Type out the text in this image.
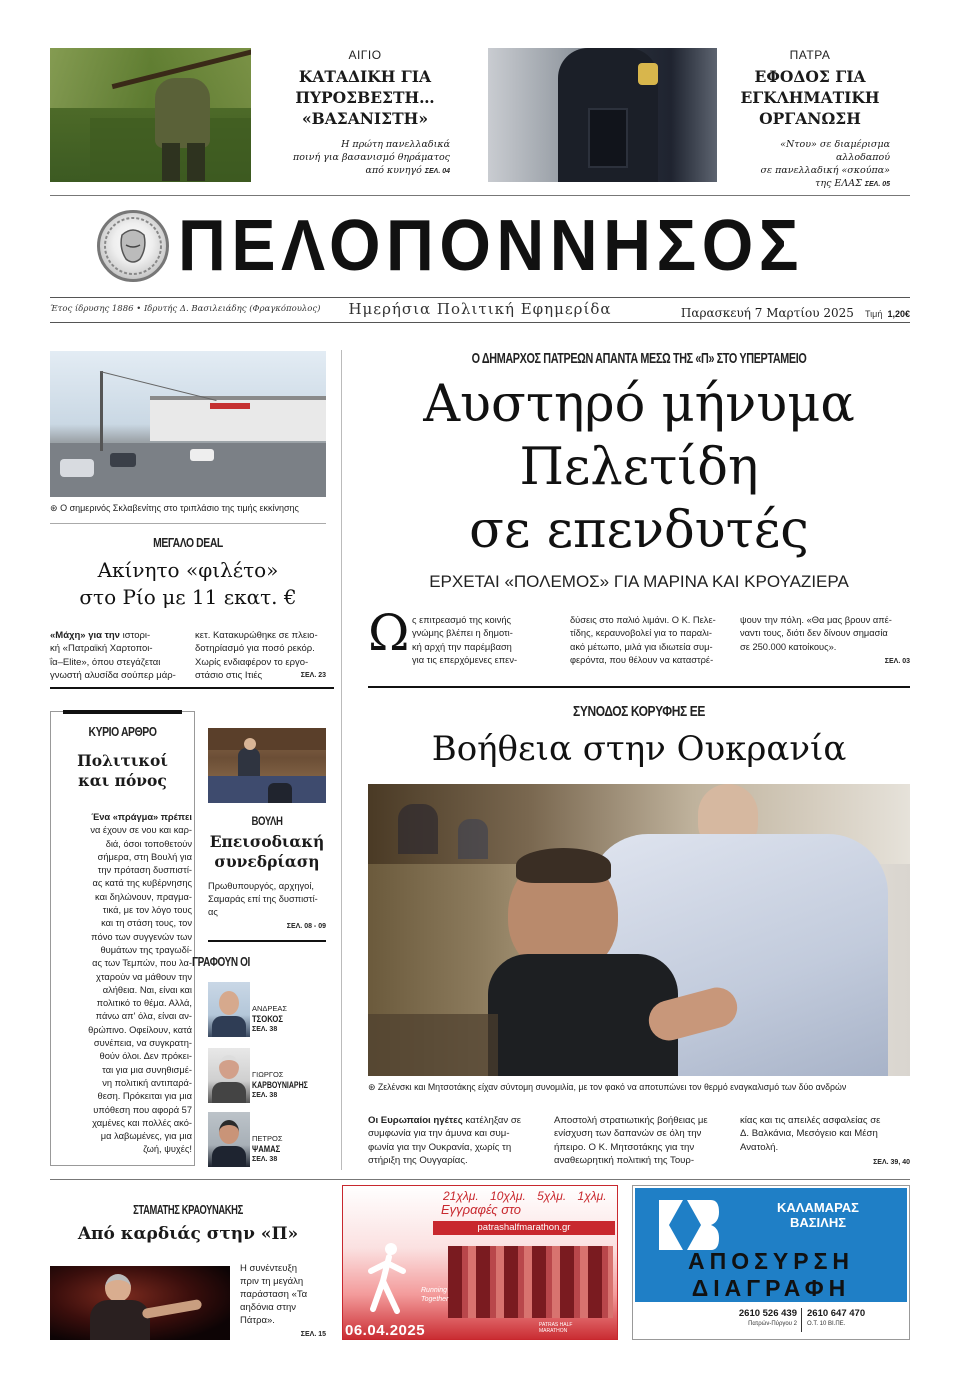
ΑΙΓΙΟ
ΚΑΤΑΔΙΚΗ ΓΙΑ
ΠΥΡΟΣΒΕΣΤΗ…
«ΒΑΣΑΝΙΣΤΗ»
Η πρώτη πανελλαδικά
ποινή για βασανισμό θηράματος
από κυνηγό ΣΕΛ. 04
ΠΑΤΡΑ
ΕΦΟΔΟΣ ΓΙΑ
ΕΓΚΛΗΜΑΤΙΚΗ
ΟΡΓΑΝΩΣΗ
«Ντου» σε διαμέρισμα αλλοδαπού
σε πανελλαδική «σκούπα»
της ΕΛΑΣ ΣΕΛ. 05
ΠΕΛΟΠΟΝΝΗΣΟΣ
Έτος ίδρυσης 1886 • Ιδρυτής Δ. Βασιλειάδης (Φραγκόπουλος)	Ημερήσια Πολιτική Εφημερίδα	Παρασκευή 7 Μαρτίου 2025 Τιμή 1,20€
⊛ Ο σημερινός Σκλαβενίτης στο τριπλάσιο της τιμής εκκίνησης
ΜΕΓΑΛΟ DEAL
Ακίνητο «φιλέτο»
στο Ρίο με 11 εκατ. €
«Μάχη» για την ιστορι-
κή «Πατραϊκή Χαρτοποι-
ΐα–Elite», όπου στεγάζεται
γνωστή αλυσίδα σούπερ μάρ-
κετ. Κατακυρώθηκε σε πλειο-
δοτηρίασμό για ποσό ρεκόρ.
Χωρίς ενδιαφέρον το εργο-
στάσιο στις Ιτιές	ΣΕΛ. 23
ΚΥΡΙΟ ΑΡΘΡΟ
Πολιτικοί
και πόνος
Ένα «πράγμα» πρέπει
να έχουν σε νου και καρ-
διά, όσοι τοποθετούν
σήμερα, στη Βουλή για
την πρόταση δυσπιστί-
ας κατά της κυβέρνησης
και δηλώνουν, πραγμα-
τικά, με τον λόγο τους
και τη στάση τους, τον
πόνο των συγγενών των
θυμάτων της τραγωδί-
ας των Τεμπών, που λα-
χταρούν να μάθουν την
αλήθεια. Ναι, είναι και
πολιτικό το θέμα. Αλλά,
πάνω απ' όλα, είναι αν-
θρώπινο. Οφείλουν, κατά
συνέπεια, να συγκρατη-
θούν όλοι. Δεν πρόκει-
ται για μια συνηθισμέ-
νη πολιτική αντιπαρά-
θεση. Πρόκειται για μια
υπόθεση που αφορά 57
χαμένες και πολλές ακό-
μα λαβωμένες, για μια
ζωή, ψυχές!
ΒΟΥΛΗ
Επεισοδιακή
συνεδρίαση
Πρωθυπουργός, αρχηγοί,
Σαμαράς επί της δυσπιστί-
ας
ΣΕΛ. 08 - 09
ΓΡΑΦΟΥΝ ΟΙ
ΑΝΔΡΕΑΣ
ΤΣΟΚΟΣ
ΣΕΛ. 38
ΓΙΩΡΓΟΣ
ΚΑΡΒΟΥΝΙΑΡΗΣ
ΣΕΛ. 38
ΠΕΤΡΟΣ
ΨΑΜΑΣ
ΣΕΛ. 38
Ο ΔΗΜΑΡΧΟΣ ΠΑΤΡΕΩΝ ΑΠΑΝΤΑ ΜΕΣΩ ΤΗΣ «Π» ΣΤΟ ΥΠΕΡΤΑΜΕΙΟ
Αυστηρό μήνυμα
Πελετίδη
σε επενδυτές
ΕΡΧΕΤΑΙ «ΠΟΛΕΜΟΣ» ΓΙΑ ΜΑΡΙΝΑ ΚΑΙ ΚΡΟΥΑΖΙΕΡΑ
Ω ς επιτρεασμό της κοινής
γνώμης βλέπει η δημοτι-
κή αρχή την παρέμβαση
για τις επερχόμενες επεν-
δύσεις στο παλιό λιμάνι. Ο Κ. Πελε-
τίδης, κεραυνοβολεί για το παραλι-
ακό μέτωπο, μιλά για ιδιωτεία συμ-
φερόντα, που θέλουν να καταστρέ-
ψουν την πόλη. «Θα μας βρουν απέ-
ναντι τους, διότι δεν δίνουν σημασία
σε 250.000 κατοίκους».
ΣΕΛ. 03
ΣΥΝΟΔΟΣ ΚΟΡΥΦΗΣ ΕΕ
Βοήθεια στην Ουκρανία
⊛ Ζελένσκι και Μητσοτάκης είχαν σύντομη συνομιλία, με τον φακό να αποτυπώνει τον θερμό εναγκαλισμό των δύο ανδρών
Οι Ευρωπαίοι ηγέτες κατέληξαν σε
συμφωνία για την άμυνα και συμ-
φωνία για την Ουκρανία, χωρίς τη
στήριξη της Ουγγαρίας.
Αποστολή στρατιωτικής βοήθειας με
ενίσχυση των δαπανών σε όλη την
ήπειρο. Ο Κ. Μητσοτάκης για την
αναθεωρητική πολιτική της Τουρ-
κίας και τις απειλές ασφαλείας σε
Δ. Βαλκάνια, Μεσόγειο και Μέση
Ανατολή.
ΣΕΛ. 39, 40
ΣΤΑΜΑΤΗΣ ΚΡΑΟΥΝΑΚΗΣ
Από καρδιάς στην «Π»
Η συνέντευξη
πριν τη μεγάλη
παράσταση «Τα
αηδόνια στην
Πάτρα».
ΣΕΛ. 15
21χλμ. 10χλμ. 5χλμ. 1χλμ.
Εγγραφές στο
patrashalfmarathon.gr
Running
Together
06.04.2025	PATRAS HALF MARATHON
ΚΑΛΑΜΑΡΑΣ
ΒΑΣΙΛΗΣ
ΑΠΟΣΥΡΣΗ
ΔΙΑΓΡΑΦΗ
2610 526 439
Πατρών-Πύργου 2
2610 647 470
Ο.Τ. 10 ΒΙ.ΠΕ.
